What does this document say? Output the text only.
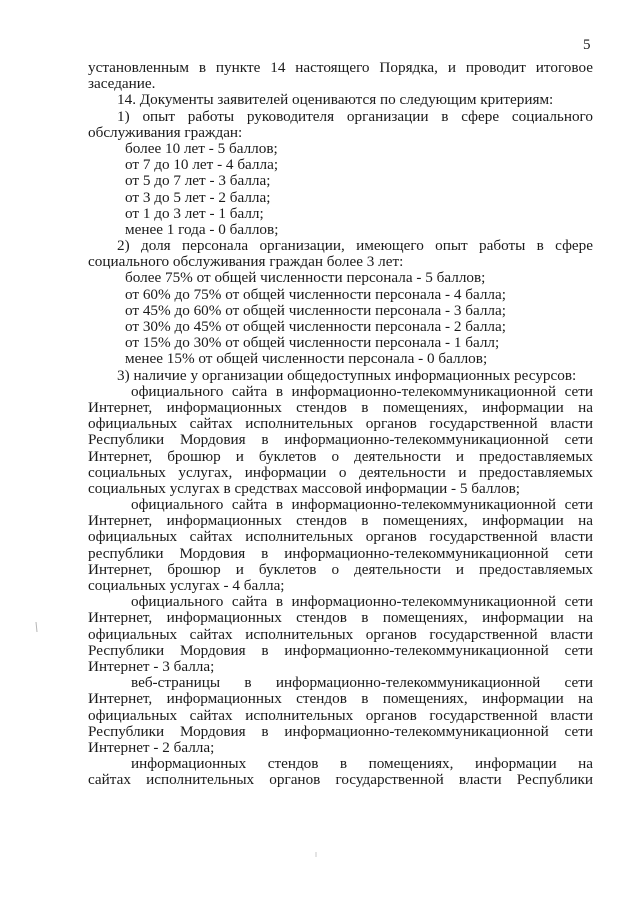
5
установленным в пункте 14 настоящего Порядка, и проводит итоговое
заседание.
14. Документы заявителей оцениваются по следующим критериям:
1) опыт работы руководителя организации в сфере социального
обслуживания граждан:
более 10 лет - 5 баллов;
от 7 до 10 лет - 4 балла;
от 5 до 7 лет - 3 балла;
от 3 до 5 лет - 2 балла;
от 1 до 3 лет - 1 балл;
менее 1 года - 0 баллов;
2) доля персонала организации, имеющего опыт работы в сфере
социального обслуживания граждан более 3 лет:
более 75% от общей численности персонала - 5 баллов;
от 60% до 75% от общей численности персонала - 4 балла;
от 45% до 60% от общей численности персонала - 3 балла;
от 30% до 45% от общей численности персонала - 2 балла;
от 15% до 30% от общей численности персонала - 1 балл;
менее 15% от общей численности персонала - 0 баллов;
3) наличие у организации общедоступных информационных ресурсов:
официального сайта в информационно-телекоммуникационной сети
Интернет, информационных стендов в помещениях, информации на
официальных сайтах исполнительных органов государственной власти
Республики Мордовия в информационно-телекоммуникационной сети
Интернет, брошюр и буклетов о деятельности и предоставляемых
социальных услугах, информации о деятельности и предоставляемых
социальных услугах в средствах массовой информации - 5 баллов;
официального сайта в информационно-телекоммуникационной сети
Интернет, информационных стендов в помещениях, информации на
официальных сайтах исполнительных органов государственной власти
республики Мордовия в информационно-телекоммуникационной сети
Интернет, брошюр и буклетов о деятельности и предоставляемых
социальных услугах - 4 балла;
официального сайта в информационно-телекоммуникационной сети
Интернет, информационных стендов в помещениях, информации на
официальных сайтах исполнительных органов государственной власти
Республики Мордовия в информационно-телекоммуникационной сети
Интернет - 3 балла;
веб-страницы в информационно-телекоммуникационной сети
Интернет, информационных стендов в помещениях, информации на
официальных сайтах исполнительных органов государственной власти
Республики Мордовия в информационно-телекоммуникационной сети
Интернет - 2 балла;
информационных стендов в помещениях, информации на
сайтах исполнительных органов государственной власти Республики
